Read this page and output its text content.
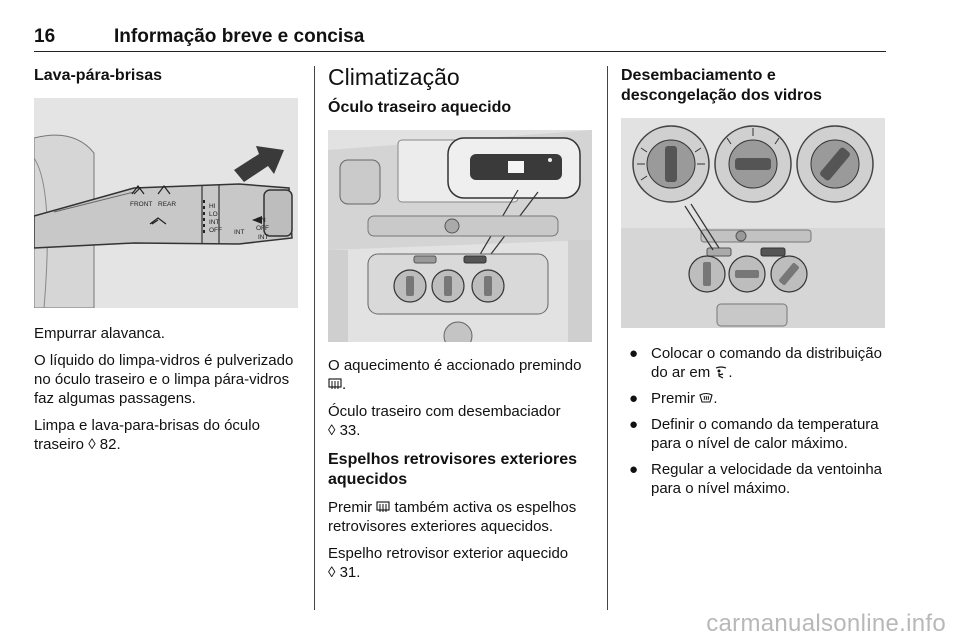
16	Informação breve e concisa
Lava-pára-brisas
FRONT REAR	HI
LO
INT
OFF INT
ON
OFF
INT

Empurrar alavanca.

O líquido do limpa-vidros é pulverizado no óculo traseiro e o limpa pára-vidros faz algumas passagens.

Limpa e lava-para-brisas do óculo traseiro ◊ 82.

Climatização
Óculo traseiro aquecido

O aquecimento é accionado premindo .

Óculo traseiro com desembaciador
◊ 33.

Espelhos retrovisores exteriores aquecidos

Premir  também activa os espelhos retrovisores exteriores aquecidos.

Espelho retrovisor exterior aquecido
◊ 31.

Desembaciamento e descongelação dos vidros
● Colocar o comando da distribuição do ar em .
● Premir .
● Definir o comando da temperatura para o nível de calor máximo.
● Regular a velocidade da ventoinha para o nível máximo.
carmanualsonline.info
